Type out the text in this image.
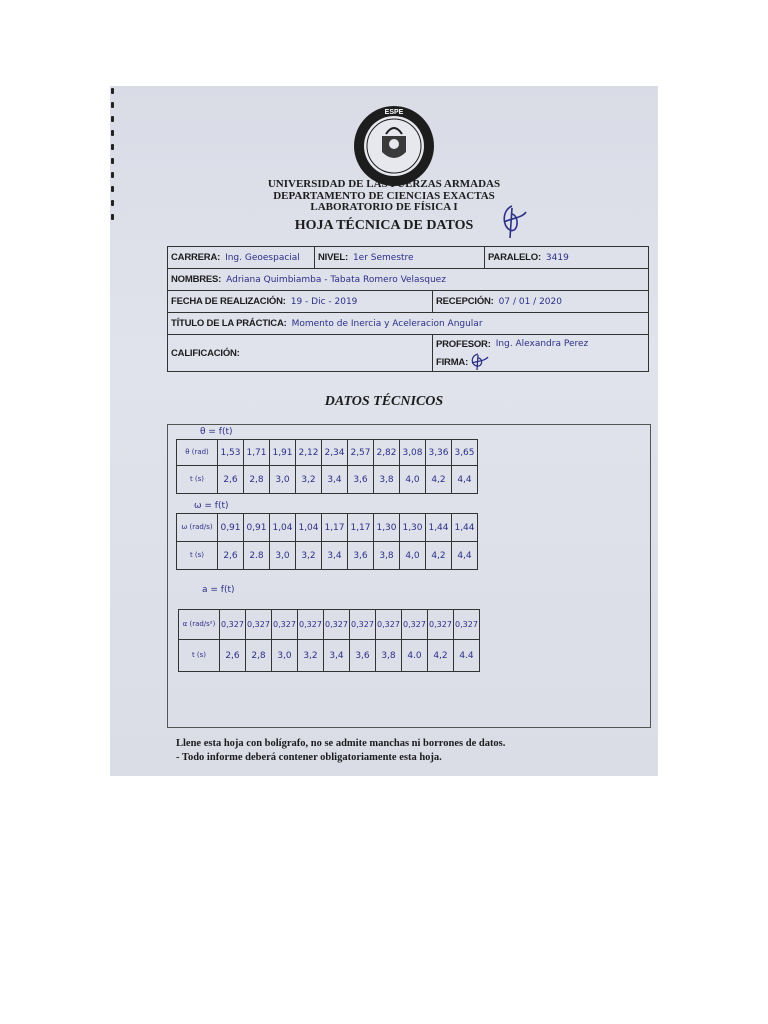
ESPE
UNIVERSIDAD DE LAS FUERZAS ARMADAS
DEPARTAMENTO DE CIENCIAS EXACTAS
LABORATORIO DE FÍSICA I
HOJA TÉCNICA DE DATOS
CARRERA: Ing. Geoespacial NIVEL: 1er Semestre	PARALELO: 3419
NOMBRES: Adriana Quimbiamba - Tabata Romero Velasquez
FECHA DE REALIZACIÓN: 19 - Dic - 2019	RECEPCIÓN: 07 / 01 / 2020
TÍTULO DE LA PRÁCTICA: Momento de Inercia y Aceleracion Angular
CALIFICACIÓN:
PROFESOR: Ing. Alexandra Perez
FIRMA:
DATOS TÉCNICOS
θ = f(t)
θ (rad)	1,53	1,71	1,91	2,12	2,34	2,57	2,82	3,08	3,36	3,65
t (s)	2,6	2,8	3,0	3,2	3,4	3,6	3,8	4,0	4,2	4,4
ω = f(t)
ω (rad/s)	0,91	0,91	1,04	1,04	1,17	1,17	1,30	1,30	1,44	1,44
t (s)	2,6	2.8	3,0	3,2	3,4	3,6	3,8	4,0	4,2	4,4
a = f(t)
α (rad/s²)	0,327	0,327	0,327	0,327	0,327	0,327	0,327	0,327	0,327	0,327
t (s)	2,6	2,8	3,0	3,2	3,4	3,6	3,8	4.0	4,2	4.4
Llene esta hoja con bolígrafo, no se admite manchas ni borrones de datos.
- Todo informe deberá contener obligatoriamente esta hoja.
